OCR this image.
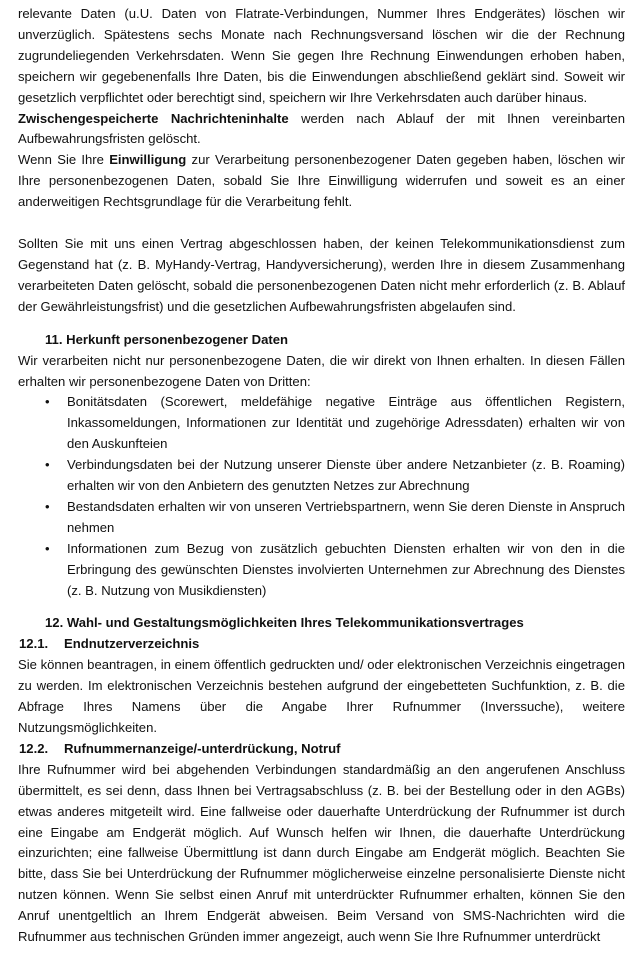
relevante Daten (u.U. Daten von Flatrate-Verbindungen, Nummer Ihres Endgerätes) löschen wir unverzüglich. Spätestens sechs Monate nach Rechnungsversand löschen wir die der Rechnung zugrundeliegenden Verkehrsdaten. Wenn Sie gegen Ihre Rechnung Einwendungen erhoben haben, speichern wir gegebenenfalls Ihre Daten, bis die Einwendungen abschließend geklärt sind. Soweit wir gesetzlich verpflichtet oder berechtigt sind, speichern wir Ihre Verkehrsdaten auch darüber hinaus.

Zwischengespeicherte Nachrichteninhalte werden nach Ablauf der mit Ihnen vereinbarten Aufbewahrungsfristen gelöscht.

Wenn Sie Ihre Einwilligung zur Verarbeitung personenbezogener Daten gegeben haben, löschen wir Ihre personenbezogenen Daten, sobald Sie Ihre Einwilligung widerrufen und soweit es an einer anderweitigen Rechtsgrundlage für die Verarbeitung fehlt.

Sollten Sie mit uns einen Vertrag abgeschlossen haben, der keinen Telekommunikationsdienst zum Gegenstand hat (z. B. MyHandy-Vertrag, Handyversicherung), werden Ihre in diesem Zusammenhang verarbeiteten Daten gelöscht, sobald die personenbezogenen Daten nicht mehr erforderlich (z. B. Ablauf der Gewährleistungsfrist) und die gesetzlichen Aufbewahrungsfristen abgelaufen sind.

11. Herkunft personenbezogener Daten

Wir verarbeiten nicht nur personenbezogene Daten, die wir direkt von Ihnen erhalten. In diesen Fällen erhalten wir personenbezogene Daten von Dritten:

• Bonitätsdaten (Scorewert, meldefähige negative Einträge aus öffentlichen Registern, Inkassomeldungen, Informationen zur Identität und zugehörige Adressdaten) erhalten wir von den Auskunfteien
• Verbindungsdaten bei der Nutzung unserer Dienste über andere Netzanbieter (z. B. Roaming) erhalten wir von den Anbietern des genutzten Netzes zur Abrechnung
• Bestandsdaten erhalten wir von unseren Vertriebspartnern, wenn Sie deren Dienste in Anspruch nehmen
• Informationen zum Bezug von zusätzlich gebuchten Diensten erhalten wir von den in die Erbringung des gewünschten Dienstes involvierten Unternehmen zur Abrechnung des Dienstes (z. B. Nutzung von Musikdiensten)

12. Wahl- und Gestaltungsmöglichkeiten Ihres Telekommunikationsvertrages

12.1.	Endnutzerverzeichnis

Sie können beantragen, in einem öffentlich gedruckten und/ oder elektronischen Verzeichnis eingetragen zu werden. Im elektronischen Verzeichnis bestehen aufgrund der eingebetteten Suchfunktion, z. B. die Abfrage Ihres Namens über die Angabe Ihrer Rufnummer (Inverssuche), weitere Nutzungsmöglichkeiten.

12.2.	Rufnummernanzeige/-unterdrückung, Notruf

Ihre Rufnummer wird bei abgehenden Verbindungen standardmäßig an den angerufenen Anschluss übermittelt, es sei denn, dass Ihnen bei Vertragsabschluss (z. B. bei der Bestellung oder in den AGBs) etwas anderes mitgeteilt wird. Eine fallweise oder dauerhafte Unterdrückung der Rufnummer ist durch eine Eingabe am Endgerät möglich. Auf Wunsch helfen wir Ihnen, die dauerhafte Unterdrückung einzurichten; eine fallweise Übermittlung ist dann durch Eingabe am Endgerät möglich. Beachten Sie bitte, dass Sie bei Unterdrückung der Rufnummer möglicherweise einzelne personalisierte Dienste nicht nutzen können. Wenn Sie selbst einen Anruf mit unterdrückter Rufnummer erhalten, können Sie den Anruf unentgeltlich an Ihrem Endgerät abweisen. Beim Versand von SMS-Nachrichten wird die Rufnummer aus technischen Gründen immer angezeigt, auch wenn Sie Ihre Rufnummer unterdrückt
